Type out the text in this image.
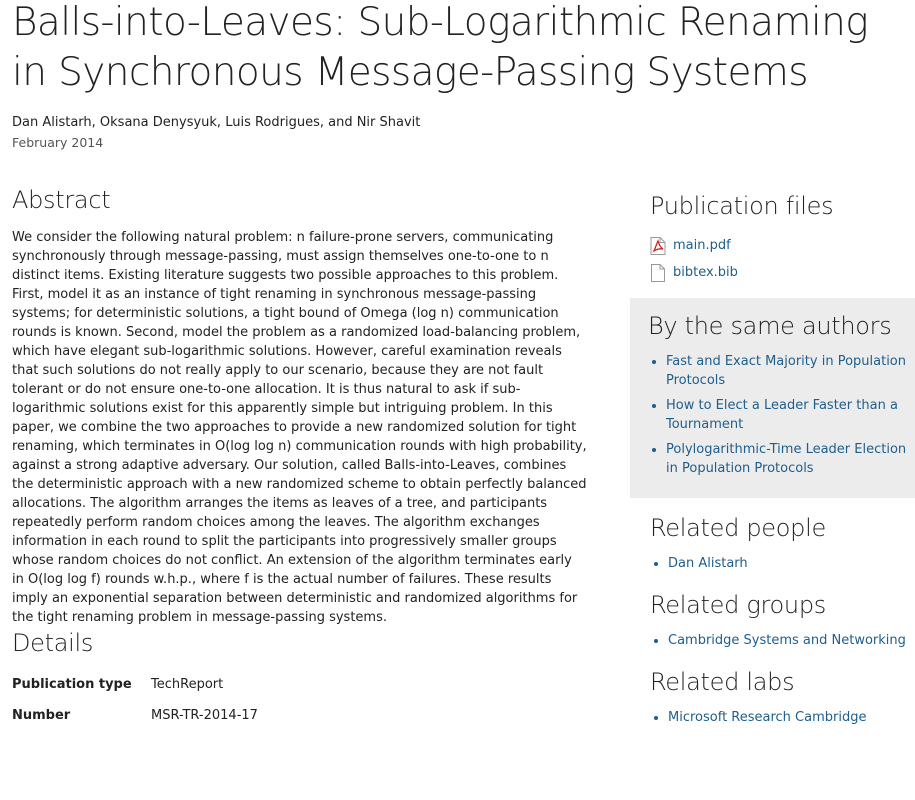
Balls-into-Leaves: Sub-Logarithmic Renaming in Synchronous Message-Passing Systems
Dan Alistarh, Oksana Denysyuk, Luis Rodrigues, and Nir Shavit
February 2014
Abstract

We consider the following natural problem: n failure-prone servers, communicating synchronously through message-passing, must assign themselves one-to-one to n distinct items. Existing literature suggests two possible approaches to this problem. First, model it as an instance of tight renaming in synchronous message-passing systems; for deterministic solutions, a tight bound of Omega (log n) communication rounds is known. Second, model the problem as a randomized load-balancing problem, which have elegant sub-logarithmic solutions. However, careful examination reveals that such solutions do not really apply to our scenario, because they are not fault tolerant or do not ensure one-to-one allocation. It is thus natural to ask if sub-logarithmic solutions exist for this apparently simple but intriguing problem. In this paper, we combine the two approaches to provide a new randomized solution for tight renaming, which terminates in O(log log n) communication rounds with high probability, against a strong adaptive adversary. Our solution, called Balls-into-Leaves, combines the deterministic approach with a new randomized scheme to obtain perfectly balanced allocations. The algorithm arranges the items as leaves of a tree, and participants repeatedly perform random choices among the leaves. The algorithm exchanges information in each round to split the participants into progressively smaller groups whose random choices do not conflict. An extension of the algorithm terminates early in O(log log f) rounds w.h.p., where f is the actual number of failures. These results imply an exponential separation between deterministic and randomized algorithms for the tight renaming problem in message-passing systems.

Details
Publication type	TechReport
Number	MSR-TR-2014-17
Publication files
main.pdf
bibtex.bib
By the same authors
• Fast and Exact Majority in Population Protocols
• How to Elect a Leader Faster than a Tournament
• Polylogarithmic-Time Leader Election in Population Protocols
Related people
• Dan Alistarh
Related groups
• Cambridge Systems and Networking
Related labs
• Microsoft Research Cambridge
